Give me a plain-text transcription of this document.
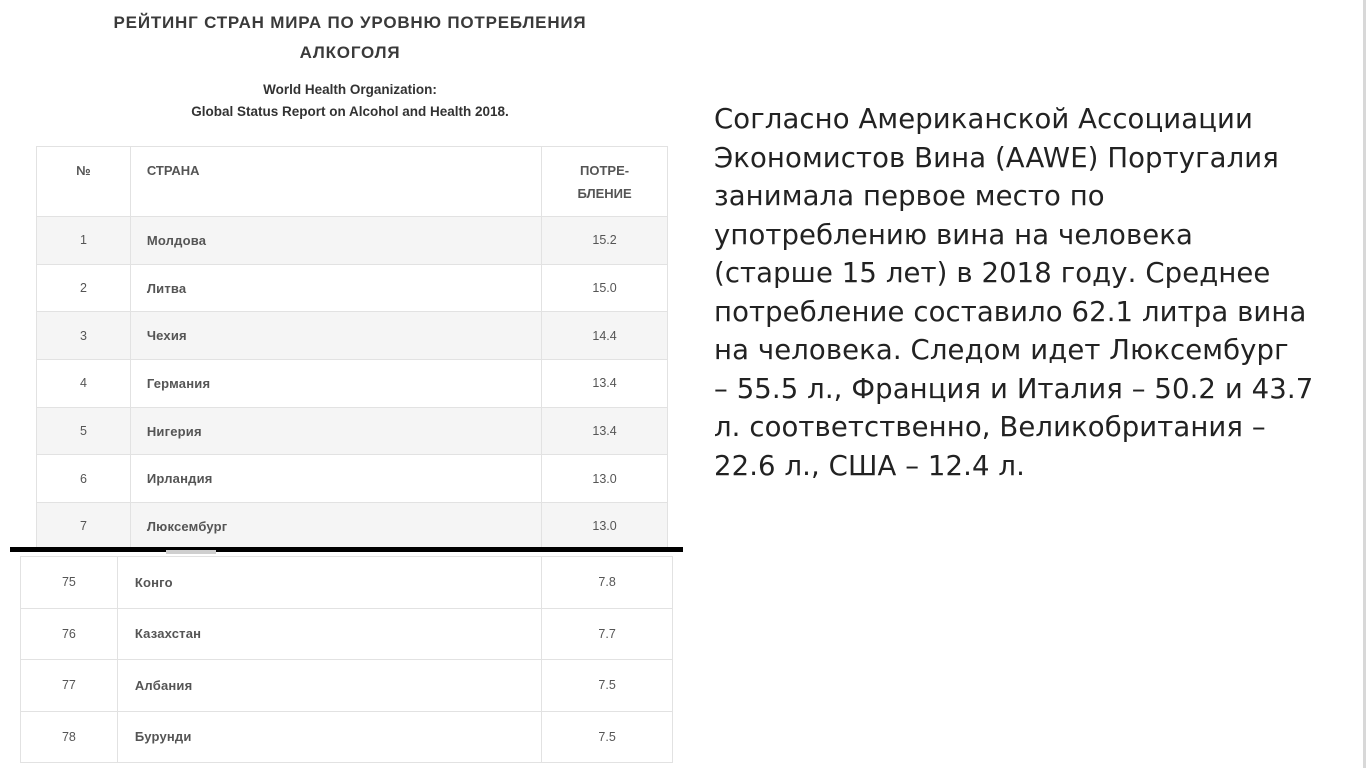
РЕЙТИНГ СТРАН МИРА ПО УРОВНЮ ПОТРЕБЛЕНИЯ
АЛКОГОЛЯ
World Health Organization:
Global Status Report on Alcohol and Health 2018.
№	СТРАНА	ПОТРЕ-
БЛЕНИЕ
1	Молдова	15.2
2	Литва	15.0
3	Чехия	14.4
4	Германия	13.4
5	Нигерия	13.4
6	Ирландия	13.0
7	Люксембург	13.0
75	Конго	7.8
76	Казахстан	7.7
77	Албания	7.5
78	Бурунди	7.5
Согласно Американской Ассоциации
Экономистов Вина (AAWE) Португалия
занимала первое место по
употреблению вина на человека
(старше 15 лет) в 2018 году. Среднее
потребление составило 62.1 литра вина
на человека. Следом идет Люксембург
– 55.5 л., Франция и Италия – 50.2 и 43.7
л. соответственно, Великобритания –
22.6 л., США – 12.4 л.
